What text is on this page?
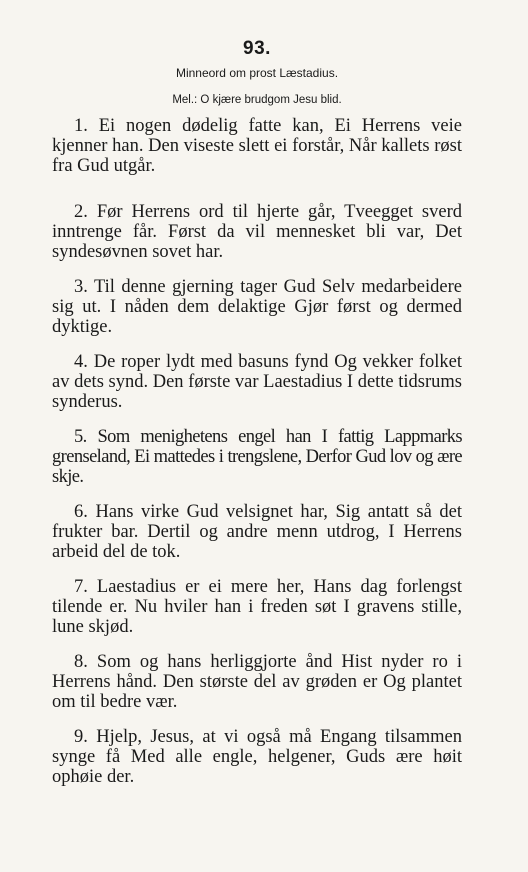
93.
Minneord om prost Læstadius.
Mel.: O kjære brudgom Jesu blid.

1. Ei nogen dødelig fatte kan, Ei Herrens veie kjenner han. Den viseste slett ei forstår, Når kallets røst fra Gud utgår.

2. Før Herrens ord til hjerte går, Tveegget sverd inntrenge får. Først da vil mennesket bli var, Det syndesøvnen sovet har.

3. Til denne gjerning tager Gud Selv medarbeidere sig ut. I nåden dem delaktige Gjør først og dermed dyktige.

4. De roper lydt med basuns fynd Og vekker folket av dets synd. Den første var Laestadius I dette tidsrums synderus.

5. Som menighetens engel han I fattig Lappmarks grenseland, Ei mattedes i trengslene, Derfor Gud lov og ære skje.

6. Hans virke Gud velsignet har, Sig antatt så det frukter bar. Dertil og andre menn utdrog, I Herrens arbeid del de tok.

7. Laestadius er ei mere her, Hans dag forlengst tilende er. Nu hviler han i freden søt I gravens stille, lune skjød.

8. Som og hans herliggjorte ånd Hist nyder ro i Herrens hånd. Den største del av grøden er Og plantet om til bedre vær.

9. Hjelp, Jesus, at vi også må Engang tilsammen synge få Med alle engle, helgener, Guds ære høit ophøie der.
